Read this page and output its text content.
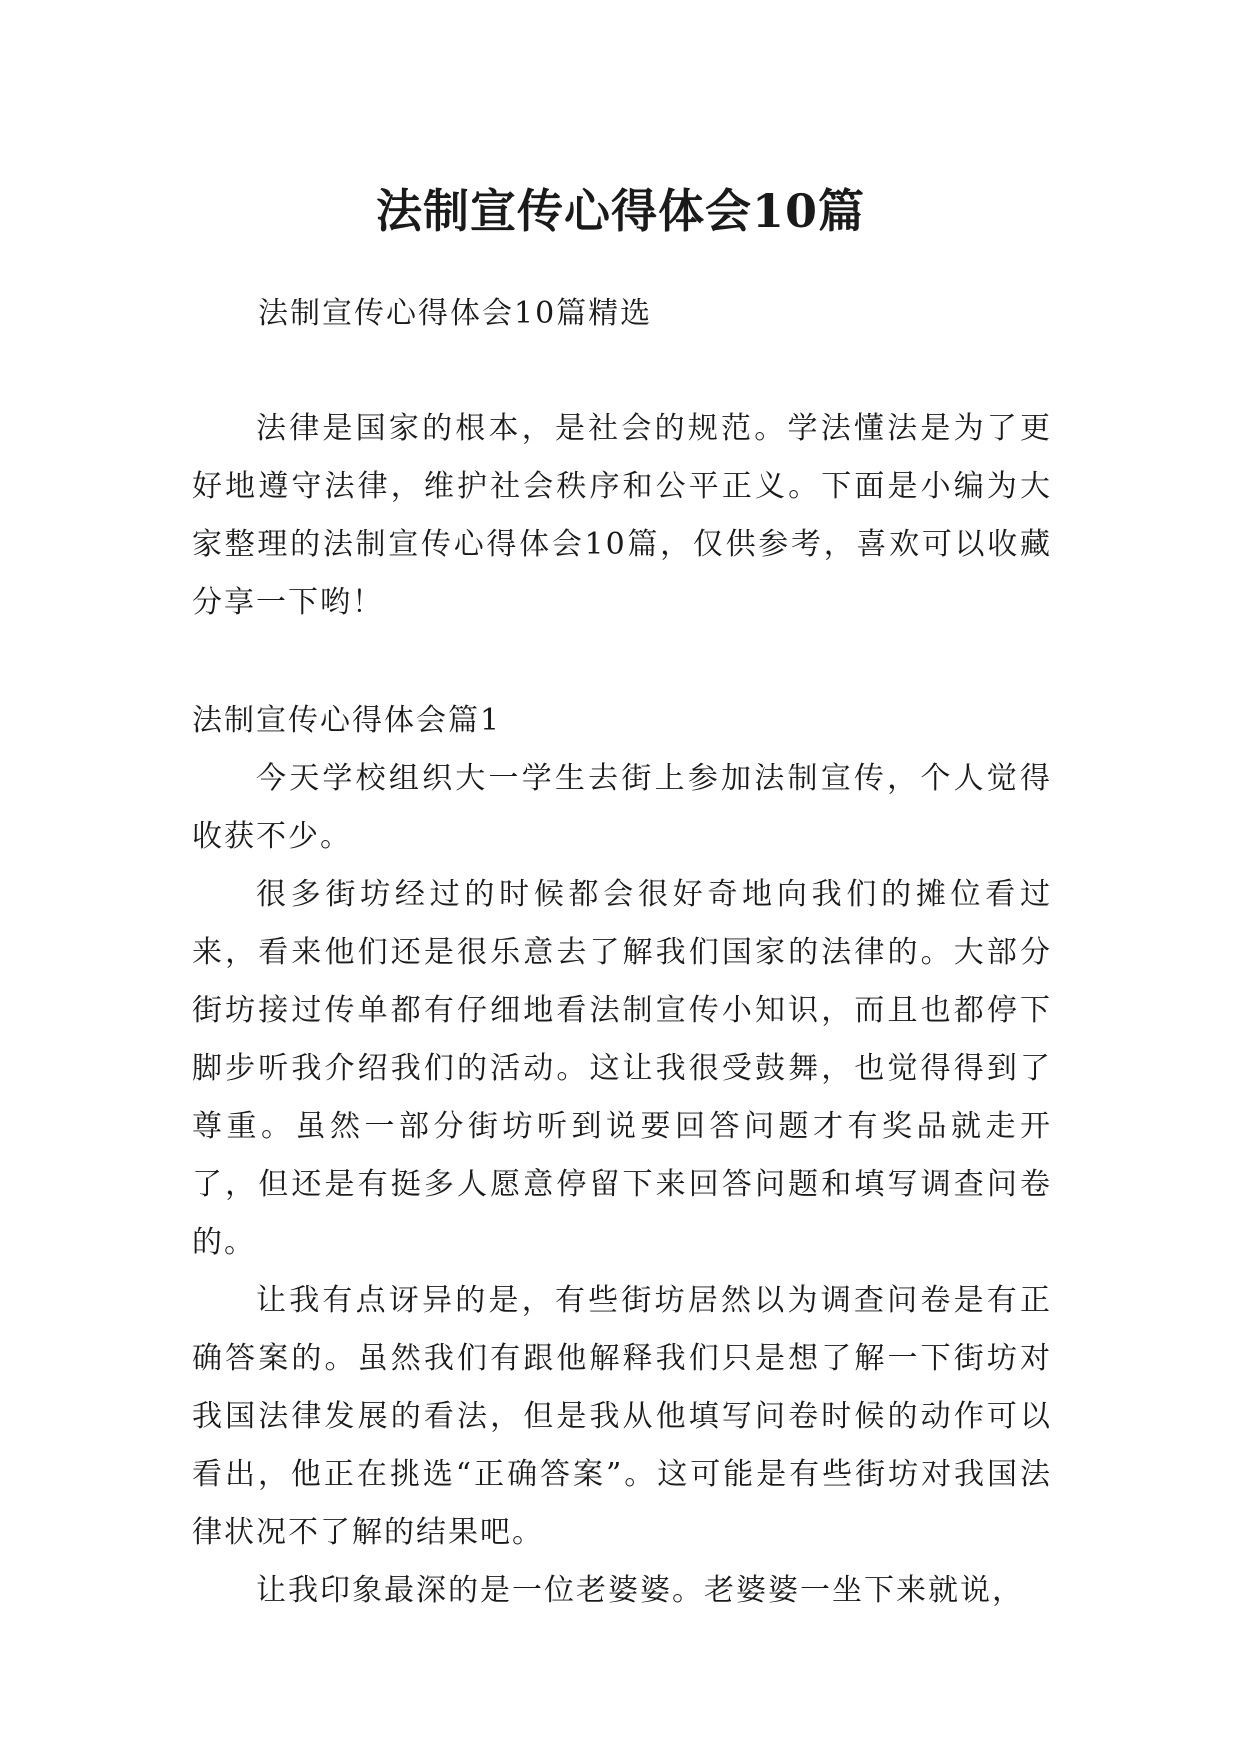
法制宣传心得体会10篇
法制宣传心得体会10篇精选

法律是国家的根本，是社会的规范。学法懂法是为了更好地遵守法律，维护社会秩序和公平正义。下面是小编为大家整理的法制宣传心得体会10篇，仅供参考，喜欢可以收藏分享一下哟！

法制宣传心得体会篇1

今天学校组织大一学生去街上参加法制宣传，个人觉得收获不少。

很多街坊经过的时候都会很好奇地向我们的摊位看过来，看来他们还是很乐意去了解我们国家的法律的。大部分街坊接过传单都有仔细地看法制宣传小知识，而且也都停下脚步听我介绍我们的活动。这让我很受鼓舞，也觉得得到了尊重。虽然一部分街坊听到说要回答问题才有奖品就走开了，但还是有挺多人愿意停留下来回答问题和填写调查问卷的。

让我有点讶异的是，有些街坊居然以为调查问卷是有正确答案的。虽然我们有跟他解释我们只是想了解一下街坊对我国法律发展的看法，但是我从他填写问卷时候的动作可以看出，他正在挑选“正确答案”。这可能是有些街坊对我国法律状况不了解的结果吧。

让我印象最深的是一位老婆婆。老婆婆一坐下来就说，
